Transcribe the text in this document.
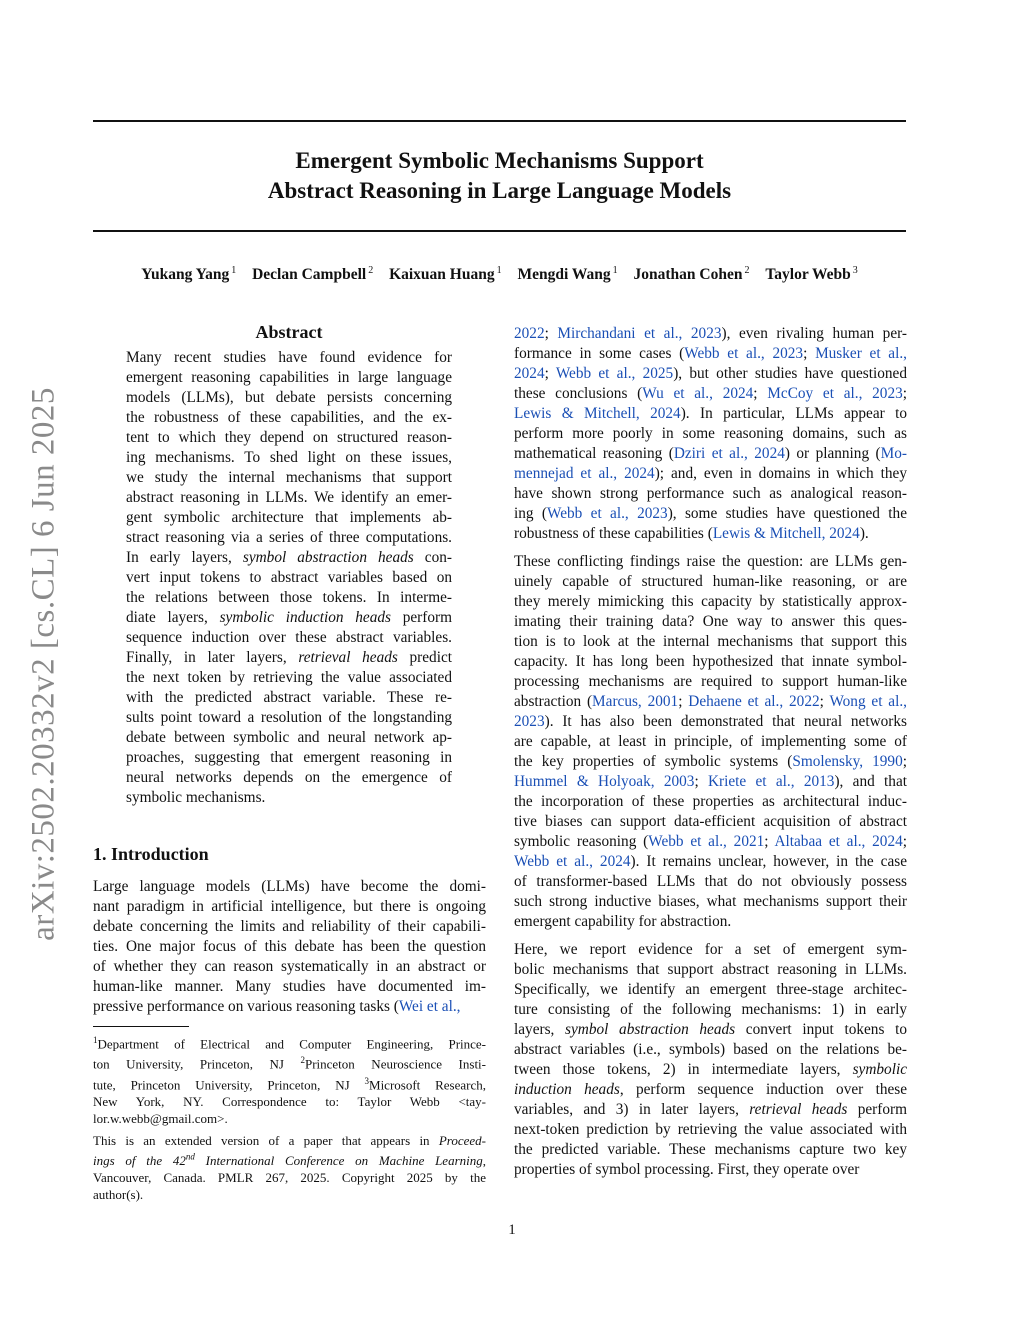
Emergent Symbolic Mechanisms Support
Abstract Reasoning in Large Language Models
Yukang Yang $^1$ Declan Campbell $^2$ Kaixuan Huang $^1$ Mengdi Wang $^1$ Jonathan Cohen $^2$ Taylor Webb $^3$
arXiv:2502.20332v2 [cs.CL] 6 Jun 2025
Abstract
Many recent studies have found evidence for
emergent reasoning capabilities in large language
models (LLMs), but debate persists concerning
the robustness of these capabilities, and the ex-
tent to which they depend on structured reason-
ing mechanisms. To shed light on these issues,
we study the internal mechanisms that support
abstract reasoning in LLMs. We identify an emer-
gent symbolic architecture that implements ab-
stract reasoning via a series of three computations.
In early layers, symbol abstraction heads con-
vert input tokens to abstract variables based on
the relations between those tokens. In interme-
diate layers, symbolic induction heads perform
sequence induction over these abstract variables.
Finally, in later layers, retrieval heads predict
the next token by retrieving the value associated
with the predicted abstract variable. These re-
sults point toward a resolution of the longstanding
debate between symbolic and neural network ap-
proaches, suggesting that emergent reasoning in
neural networks depends on the emergence of
symbolic mechanisms.
1. Introduction
Large language models (LLMs) have become the domi-
nant paradigm in artificial intelligence, but there is ongoing
debate concerning the limits and reliability of their capabili-
ties. One major focus of this debate has been the question
of whether they can reason systematically in an abstract or
human-like manner. Many studies have documented im-
pressive performance on various reasoning tasks (Wei et al.,
$^1$Department of Electrical and Computer Engineering, Prince-
ton University, Princeton, NJ $^2$Princeton Neuroscience Insti-
tute, Princeton University, Princeton, NJ $^3$Microsoft Research,
New York, NY. Correspondence to: Taylor Webb <tay-
lor.w.webb@gmail.com>.
This is an extended version of a paper that appears in Proceed-
ings of the 42nd International Conference on Machine Learning,
Vancouver, Canada. PMLR 267, 2025. Copyright 2025 by the
author(s).

2022; Mirchandani et al., 2023), even rivaling human per-
formance in some cases (Webb et al., 2023; Musker et al.,
2024; Webb et al., 2025), but other studies have questioned
these conclusions (Wu et al., 2024; McCoy et al., 2023;
Lewis & Mitchell, 2024). In particular, LLMs appear to
perform more poorly in some reasoning domains, such as
mathematical reasoning (Dziri et al., 2024) or planning (Mo-
mennejad et al., 2024); and, even in domains in which they
have shown strong performance such as analogical reason-
ing (Webb et al., 2023), some studies have questioned the
robustness of these capabilities (Lewis & Mitchell, 2024).

These conflicting findings raise the question: are LLMs gen-
uinely capable of structured human-like reasoning, or are
they merely mimicking this capacity by statistically approx-
imating their training data? One way to answer this ques-
tion is to look at the internal mechanisms that support this
capacity. It has long been hypothesized that innate symbol-
processing mechanisms are required to support human-like
abstraction (Marcus, 2001; Dehaene et al., 2022; Wong et al.,
2023). It has also been demonstrated that neural networks
are capable, at least in principle, of implementing some of
the key properties of symbolic systems (Smolensky, 1990;
Hummel & Holyoak, 2003; Kriete et al., 2013), and that
the incorporation of these properties as architectural induc-
tive biases can support data-efficient acquisition of abstract
symbolic reasoning (Webb et al., 2021; Altabaa et al., 2024;
Webb et al., 2024). It remains unclear, however, in the case
of transformer-based LLMs that do not obviously possess
such strong inductive biases, what mechanisms support their
emergent capability for abstraction.

Here, we report evidence for a set of emergent sym-
bolic mechanisms that support abstract reasoning in LLMs.
Specifically, we identify an emergent three-stage architec-
ture consisting of the following mechanisms: 1) in early
layers, symbol abstraction heads convert input tokens to
abstract variables (i.e., symbols) based on the relations be-
tween those tokens, 2) in intermediate layers, symbolic
induction heads, perform sequence induction over these
variables, and 3) in later layers, retrieval heads perform
next-token prediction by retrieving the value associated with
the predicted variable. These mechanisms capture two key
properties of symbol processing. First, they operate over

1
